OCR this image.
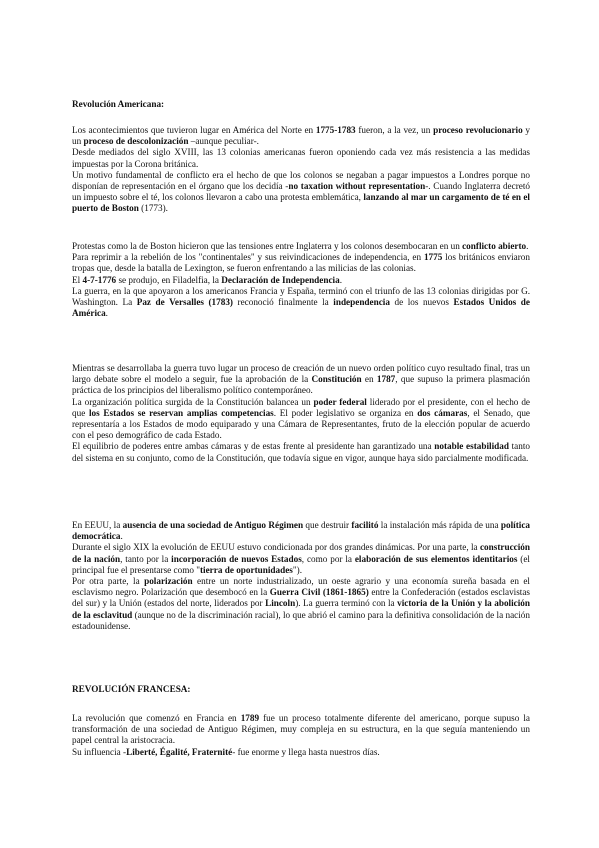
Revolución Americana:

Los acontecimientos que tuvieron lugar en América del Norte en 1775-1783 fueron, a la vez, un proceso revolucionario y un proceso de descolonización –aunque peculiar-.

Desde mediados del siglo XVIII, las 13 colonias americanas fueron oponiendo cada vez más resistencia a las medidas impuestas por la Corona británica.

Un motivo fundamental de conflicto era el hecho de que los colonos se negaban a pagar impuestos a Londres porque no disponían de representación en el órgano que los decidía -no taxation without representation-. Cuando Inglaterra decretó un impuesto sobre el té, los colonos llevaron a cabo una protesta emblemática, lanzando al mar un cargamento de té en el puerto de Boston (1773).

Protestas como la de Boston hicieron que las tensiones entre Inglaterra y los colonos desembocaran en un conflicto abierto.

Para reprimir a la rebelión de los "continentales" y sus reivindicaciones de independencia, en 1775 los británicos enviaron tropas que, desde la batalla de Lexington, se fueron enfrentando a las milicias de las colonias.

El 4-7-1776 se produjo, en Filadelfia, la Declaración de Independencia.

La guerra, en la que apoyaron a los americanos Francia y España, terminó con el triunfo de las 13 colonias dirigidas por G. Washington. La Paz de Versalles (1783) reconoció finalmente la independencia de los nuevos Estados Unidos de América.

Mientras se desarrollaba la guerra tuvo lugar un proceso de creación de un nuevo orden político cuyo resultado final, tras un largo debate sobre el modelo a seguir, fue la aprobación de la Constitución en 1787, que supuso la primera plasmación práctica de los principios del liberalismo político contemporáneo.

La organización política surgida de la Constitución balancea un poder federal liderado por el presidente, con el hecho de que los Estados se reservan amplias competencias. El poder legislativo se organiza en dos cámaras, el Senado, que representaría a los Estados de modo equiparado y una Cámara de Representantes, fruto de la elección popular de acuerdo con el peso demográfico de cada Estado.

El equilibrio de poderes entre ambas cámaras y de estas frente al presidente han garantizado una notable estabilidad tanto del sistema en su conjunto, como de la Constitución, que todavía sigue en vigor, aunque haya sido parcialmente modificada.

En EEUU, la ausencia de una sociedad de Antiguo Régimen que destruir facilitó la instalación más rápida de una política democrática.

Durante el siglo XIX la evolución de EEUU estuvo condicionada por dos grandes dinámicas. Por una parte, la construcción de la nación, tanto por la incorporación de nuevos Estados, como por la elaboración de sus elementos identitarios (el principal fue el presentarse como "tierra de oportunidades").

Por otra parte, la polarización entre un norte industrializado, un oeste agrario y una economía sureña basada en el esclavismo negro. Polarización que desembocó en la Guerra Civil (1861-1865) entre la Confederación (estados esclavistas del sur) y la Unión (estados del norte, liderados por Lincoln). La guerra terminó con la victoria de la Unión y la abolición de la esclavitud (aunque no de la discriminación racial), lo que abrió el camino para la definitiva consolidación de la nación estadounidense.

REVOLUCIÓN FRANCESA:

La revolución que comenzó en Francia en 1789 fue un proceso totalmente diferente del americano, porque supuso la transformación de una sociedad de Antiguo Régimen, muy compleja en su estructura, en la que seguía manteniendo un papel central la aristocracia.

Su influencia -Liberté, Égalité, Fraternité- fue enorme y llega hasta nuestros días.
